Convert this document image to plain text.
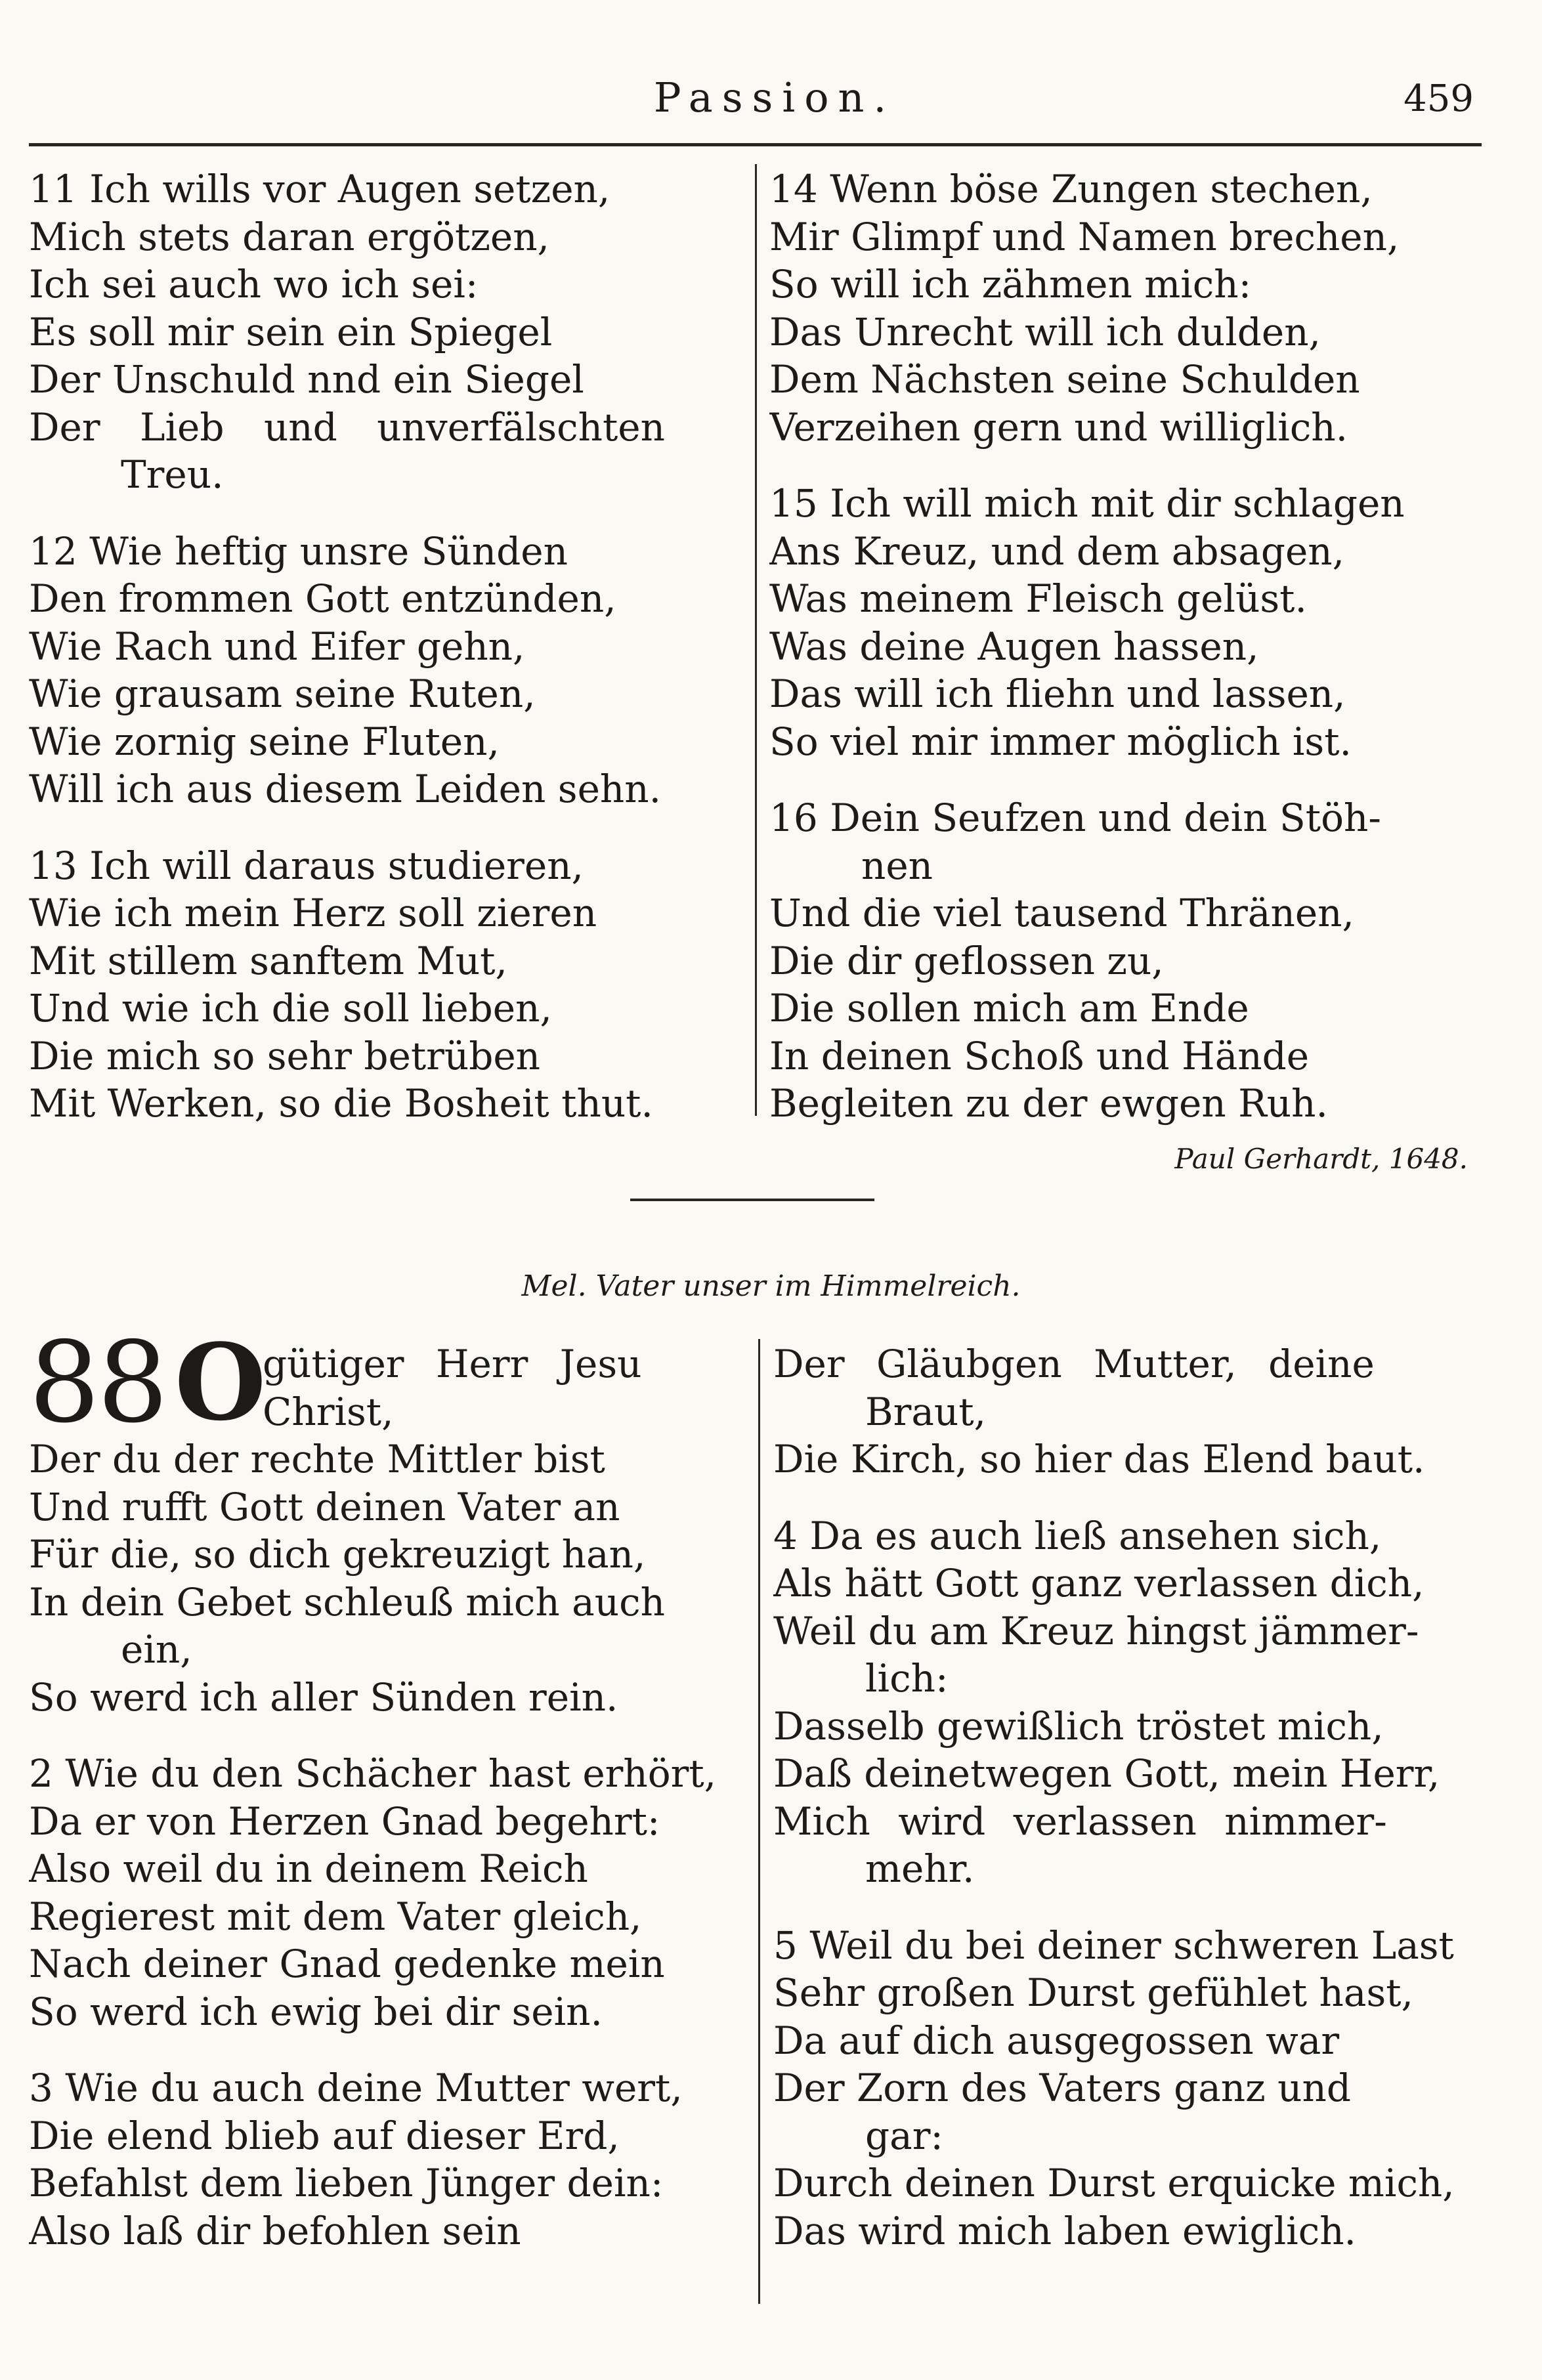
Passion.	459
11 Ich wills vor Augen setzen,
Mich stets daran ergötzen,
Ich sei auch wo ich sei:
Es soll mir sein ein Spiegel
Der Unschuld nnd ein Siegel
Der Lieb und unverfälschten
Treu.
12 Wie heftig unsre Sünden
Den frommen Gott entzünden,
Wie Rach und Eifer gehn,
Wie grausam seine Ruten,
Wie zornig seine Fluten,
Will ich aus diesem Leiden sehn.
13 Ich will daraus studieren,
Wie ich mein Herz soll zieren
Mit stillem sanftem Mut,
Und wie ich die soll lieben,
Die mich so sehr betrüben
Mit Werken, so die Bosheit thut.
14 Wenn böse Zungen stechen,
Mir Glimpf und Namen brechen,
So will ich zähmen mich:
Das Unrecht will ich dulden,
Dem Nächsten seine Schulden
Verzeihen gern und williglich.
15 Ich will mich mit dir schlagen
Ans Kreuz, und dem absagen,
Was meinem Fleisch gelüst.
Was deine Augen hassen,
Das will ich fliehn und lassen,
So viel mir immer möglich ist.
16 Dein Seufzen und dein Stöh-
nen
Und die viel tausend Thränen,
Die dir geflossen zu,
Die sollen mich am Ende
In deinen Schoß und Hände
Begleiten zu der ewgen Ruh.
Paul Gerhardt, 1648.
Mel. Vater unser im Himmelreich.
88 O
gütiger Herr Jesu
Christ,
Der du der rechte Mittler bist
Und rufft Gott deinen Vater an
Für die, so dich gekreuzigt han,
In dein Gebet schleuß mich auch
ein,
So werd ich aller Sünden rein.
2 Wie du den Schächer hast erhört,
Da er von Herzen Gnad begehrt:
Also weil du in deinem Reich
Regierest mit dem Vater gleich,
Nach deiner Gnad gedenke mein
So werd ich ewig bei dir sein.
3 Wie du auch deine Mutter wert,
Die elend blieb auf dieser Erd,
Befahlst dem lieben Jünger dein:
Also laß dir befohlen sein
Der Gläubgen Mutter, deine
Braut,
Die Kirch, so hier das Elend baut.
4 Da es auch ließ ansehen sich,
Als hätt Gott ganz verlassen dich,
Weil du am Kreuz hingst jämmer-
lich:
Dasselb gewißlich tröstet mich,
Daß deinetwegen Gott, mein Herr,
Mich wird verlassen nimmer-
mehr.
5 Weil du bei deiner schweren Last
Sehr großen Durst gefühlet hast,
Da auf dich ausgegossen war
Der Zorn des Vaters ganz und
gar:
Durch deinen Durst erquicke mich,
Das wird mich laben ewiglich.
